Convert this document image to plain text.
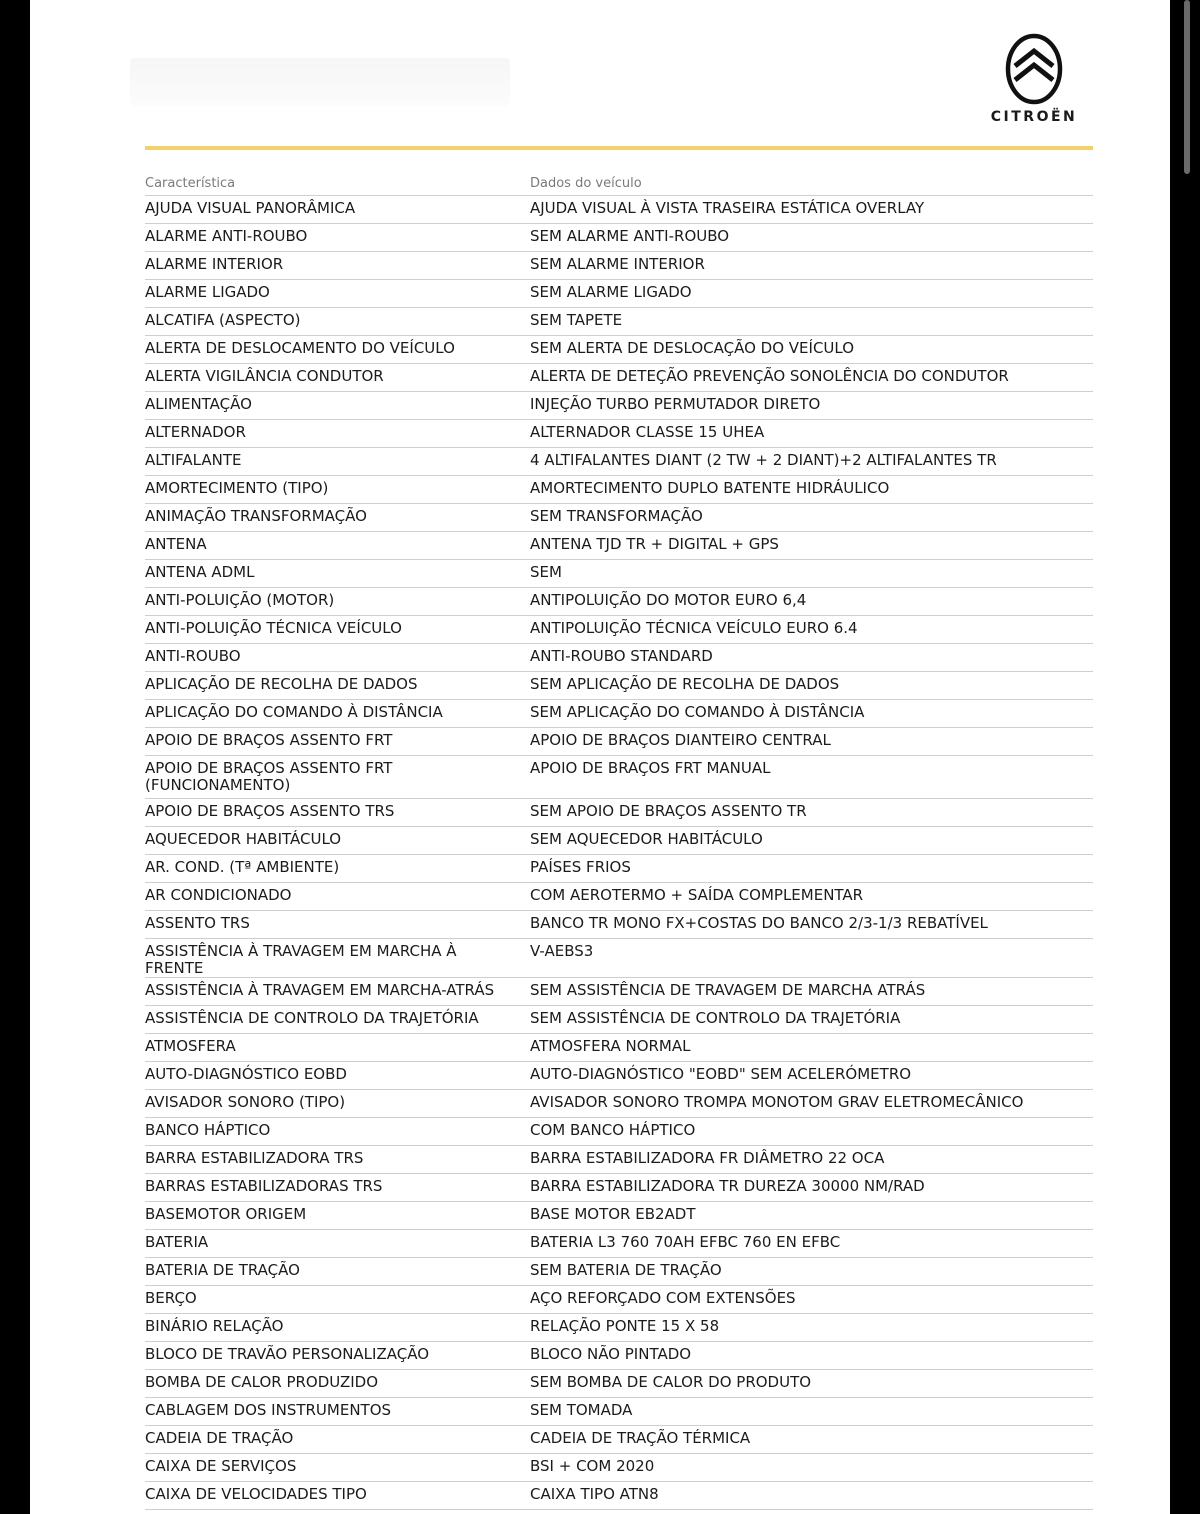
CITROËN
Característica	Dados do veículo
AJUDA VISUAL PANORÂMICA	AJUDA VISUAL À VISTA TRASEIRA ESTÁTICA OVERLAY
ALARME ANTI-ROUBO	SEM ALARME ANTI-ROUBO
ALARME INTERIOR	SEM ALARME INTERIOR
ALARME LIGADO	SEM ALARME LIGADO
ALCATIFA (ASPECTO)	SEM TAPETE
ALERTA DE DESLOCAMENTO DO VEÍCULO	SEM ALERTA DE DESLOCAÇÃO DO VEÍCULO
ALERTA VIGILÂNCIA CONDUTOR	ALERTA DE DETEÇÃO PREVENÇÃO SONOLÊNCIA DO CONDUTOR
ALIMENTAÇÃO	INJEÇÃO TURBO PERMUTADOR DIRETO
ALTERNADOR	ALTERNADOR CLASSE 15 UHEA
ALTIFALANTE	4 ALTIFALANTES DIANT (2 TW + 2 DIANT)+2 ALTIFALANTES TR
AMORTECIMENTO (TIPO)	AMORTECIMENTO DUPLO BATENTE HIDRÁULICO
ANIMAÇÃO TRANSFORMAÇÃO	SEM TRANSFORMAÇÃO
ANTENA	ANTENA TJD TR + DIGITAL + GPS
ANTENA ADML	SEM
ANTI-POLUIÇÃO (MOTOR)	ANTIPOLUIÇÃO DO MOTOR EURO 6,4
ANTI-POLUIÇÃO TÉCNICA VEÍCULO	ANTIPOLUIÇÃO TÉCNICA VEÍCULO EURO 6.4
ANTI-ROUBO	ANTI-ROUBO STANDARD
APLICAÇÃO DE RECOLHA DE DADOS	SEM APLICAÇÃO DE RECOLHA DE DADOS
APLICAÇÃO DO COMANDO À DISTÂNCIA	SEM APLICAÇÃO DO COMANDO À DISTÂNCIA
APOIO DE BRAÇOS ASSENTO FRT	APOIO DE BRAÇOS DIANTEIRO CENTRAL
APOIO DE BRAÇOS ASSENTO FRT (FUNCIONAMENTO)	APOIO DE BRAÇOS FRT MANUAL
APOIO DE BRAÇOS ASSENTO TRS	SEM APOIO DE BRAÇOS ASSENTO TR
AQUECEDOR HABITÁCULO	SEM AQUECEDOR HABITÁCULO
AR. COND. (Tª AMBIENTE)	PAÍSES FRIOS
AR CONDICIONADO	COM AEROTERMO + SAÍDA COMPLEMENTAR
ASSENTO TRS	BANCO TR MONO FX+COSTAS DO BANCO 2/3-1/3 REBATÍVEL
ASSISTÊNCIA À TRAVAGEM EM MARCHA À FRENTE	V-AEBS3
ASSISTÊNCIA À TRAVAGEM EM MARCHA-ATRÁS	SEM ASSISTÊNCIA DE TRAVAGEM DE MARCHA ATRÁS
ASSISTÊNCIA DE CONTROLO DA TRAJETÓRIA	SEM ASSISTÊNCIA DE CONTROLO DA TRAJETÓRIA
ATMOSFERA	ATMOSFERA NORMAL
AUTO-DIAGNÓSTICO EOBD	AUTO-DIAGNÓSTICO "EOBD" SEM ACELERÓMETRO
AVISADOR SONORO (TIPO)	AVISADOR SONORO TROMPA MONOTOM GRAV ELETROMECÂNICO
BANCO HÁPTICO	COM BANCO HÁPTICO
BARRA ESTABILIZADORA TRS	BARRA ESTABILIZADORA FR DIÂMETRO 22 OCA
BARRAS ESTABILIZADORAS TRS	BARRA ESTABILIZADORA TR DUREZA 30000 NM/RAD
BASEMOTOR ORIGEM	BASE MOTOR EB2ADT
BATERIA	BATERIA L3 760 70AH EFBC 760 EN EFBC
BATERIA DE TRAÇÃO	SEM BATERIA DE TRAÇÃO
BERÇO	AÇO REFORÇADO COM EXTENSÕES
BINÁRIO RELAÇÃO	RELAÇÃO PONTE 15 X 58
BLOCO DE TRAVÃO PERSONALIZAÇÃO	BLOCO NÃO PINTADO
BOMBA DE CALOR PRODUZIDO	SEM BOMBA DE CALOR DO PRODUTO
CABLAGEM DOS INSTRUMENTOS	SEM TOMADA
CADEIA DE TRAÇÃO	CADEIA DE TRAÇÃO TÉRMICA
CAIXA DE SERVIÇOS	BSI + COM 2020
CAIXA DE VELOCIDADES TIPO	CAIXA TIPO ATN8
